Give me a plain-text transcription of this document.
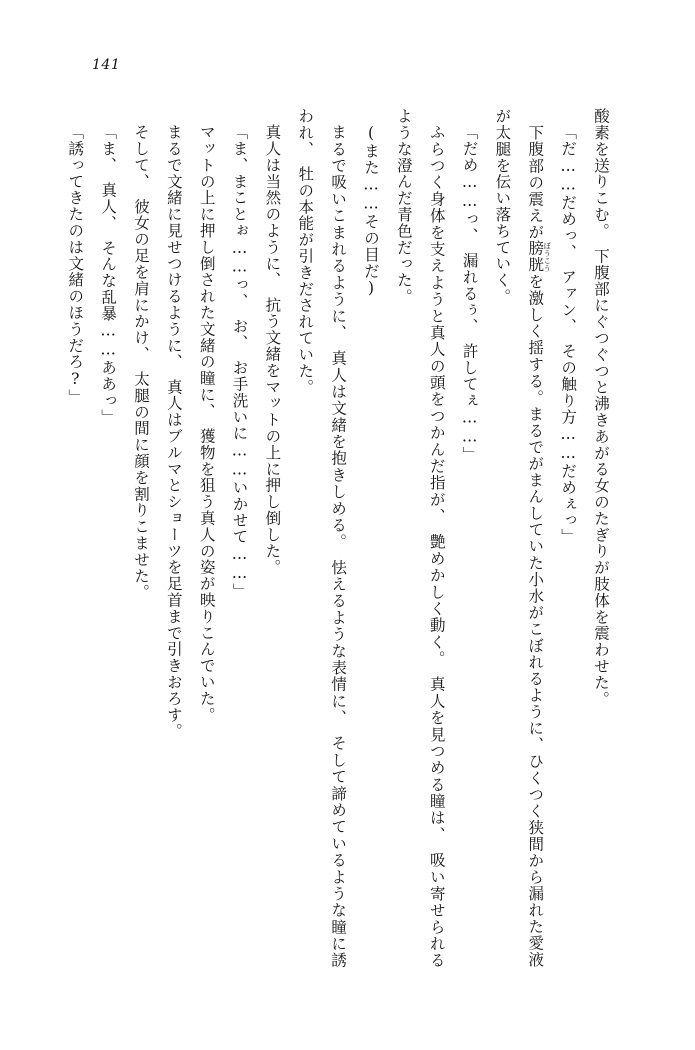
141

酸素を送りこむ。　下腹部にぐつぐつと沸きあがる女のたぎりが肢体を震わせた。

「だ……だめっ、　アァン、　その触り方……だめぇっ」

　下腹部の震えが膀胱ぼうこうを激しく揺する。まるでがまんしていた小水がこぼれるように、ひくつく狭間から漏れた愛液が太腿を伝い落ちていく。

「だめ……っ、　漏れるぅ、　許してぇ……」

ふらつく身体を支えようと真人の頭をつかんだ指が、　艶めかしく動く。　真人を見つめる瞳は、　吸い寄せられるような澄んだ青色だった。

(また……その目だ)

まるで吸いこまれるように、　真人は文緒を抱きしめる。　怯えるような表情に、　そして諦めているような瞳に誘われ、　牡の本能が引きだされていた。

真人は当然のように、　抗う文緒をマットの上に押し倒した。

「ま、まことぉ……っ、　お、　お手洗いに……いかせて……」

マットの上に押し倒された文緒の瞳に、　獲物を狙う真人の姿が映りこんでいた。

まるで文緒に見せつけるように、　真人はブルマとショーツを足首まで引きおろす。

そして、　彼女の足を肩にかけ、　太腿の間に顔を割りこませた。

「ま、　真人、　そんな乱暴……ああっ」

「誘ってきたのは文緒のほうだろ?」
